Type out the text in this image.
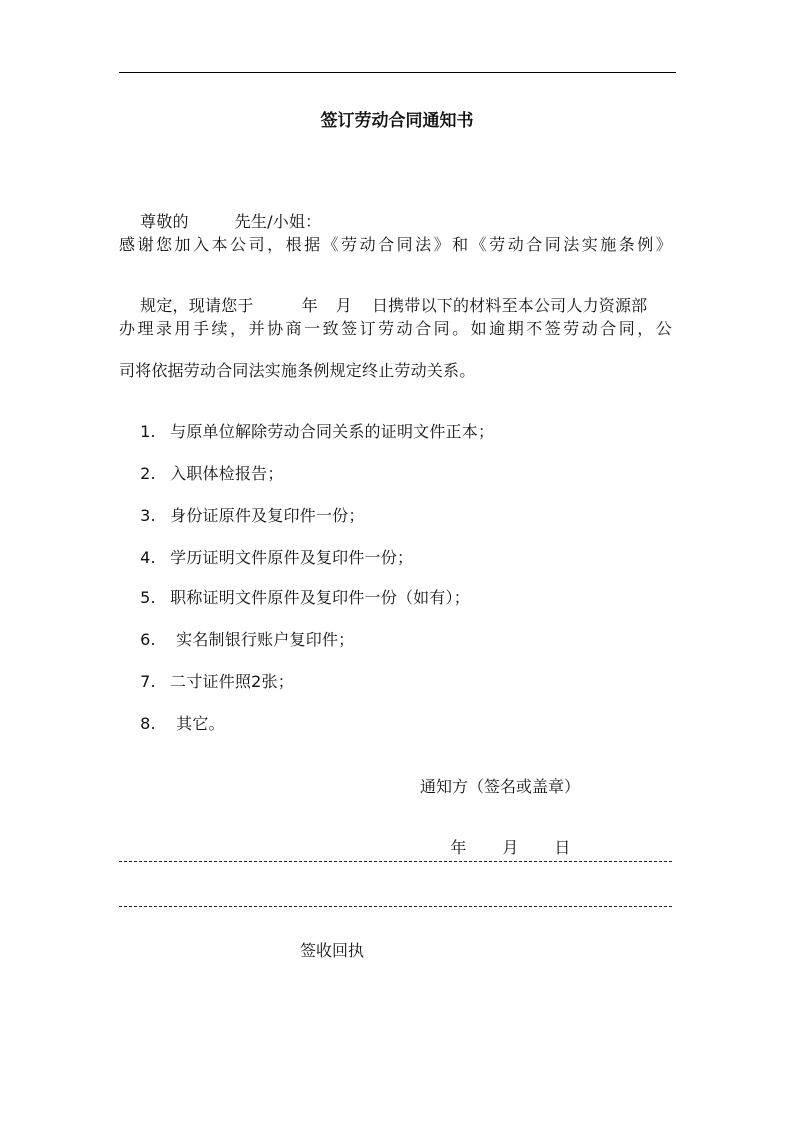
签订劳动合同通知书

尊敬的	先生/小姐：

感谢您加入本公司，根据《劳动合同法》和《劳动合同法实施条例》

规定，现请您于	年 月 日携带以下的材料至本公司人力资源部

办理录用手续，并协商一致签订劳动合同。如逾期不签劳动合同，公
司将依据劳动合同法实施条例规定终止劳动关系。

1. 与原单位解除劳动合同关系的证明文件正本；

2. 入职体检报告；

3. 身份证原件及复印件一份；

4. 学历证明文件原件及复印件一份；

5. 职称证明文件原件及复印件一份（如有）；

6. 实名制银行账户复印件；

7. 二寸证件照2张；

8. 其它。

通知方（签名或盖章）

年 月 日

签收回执
